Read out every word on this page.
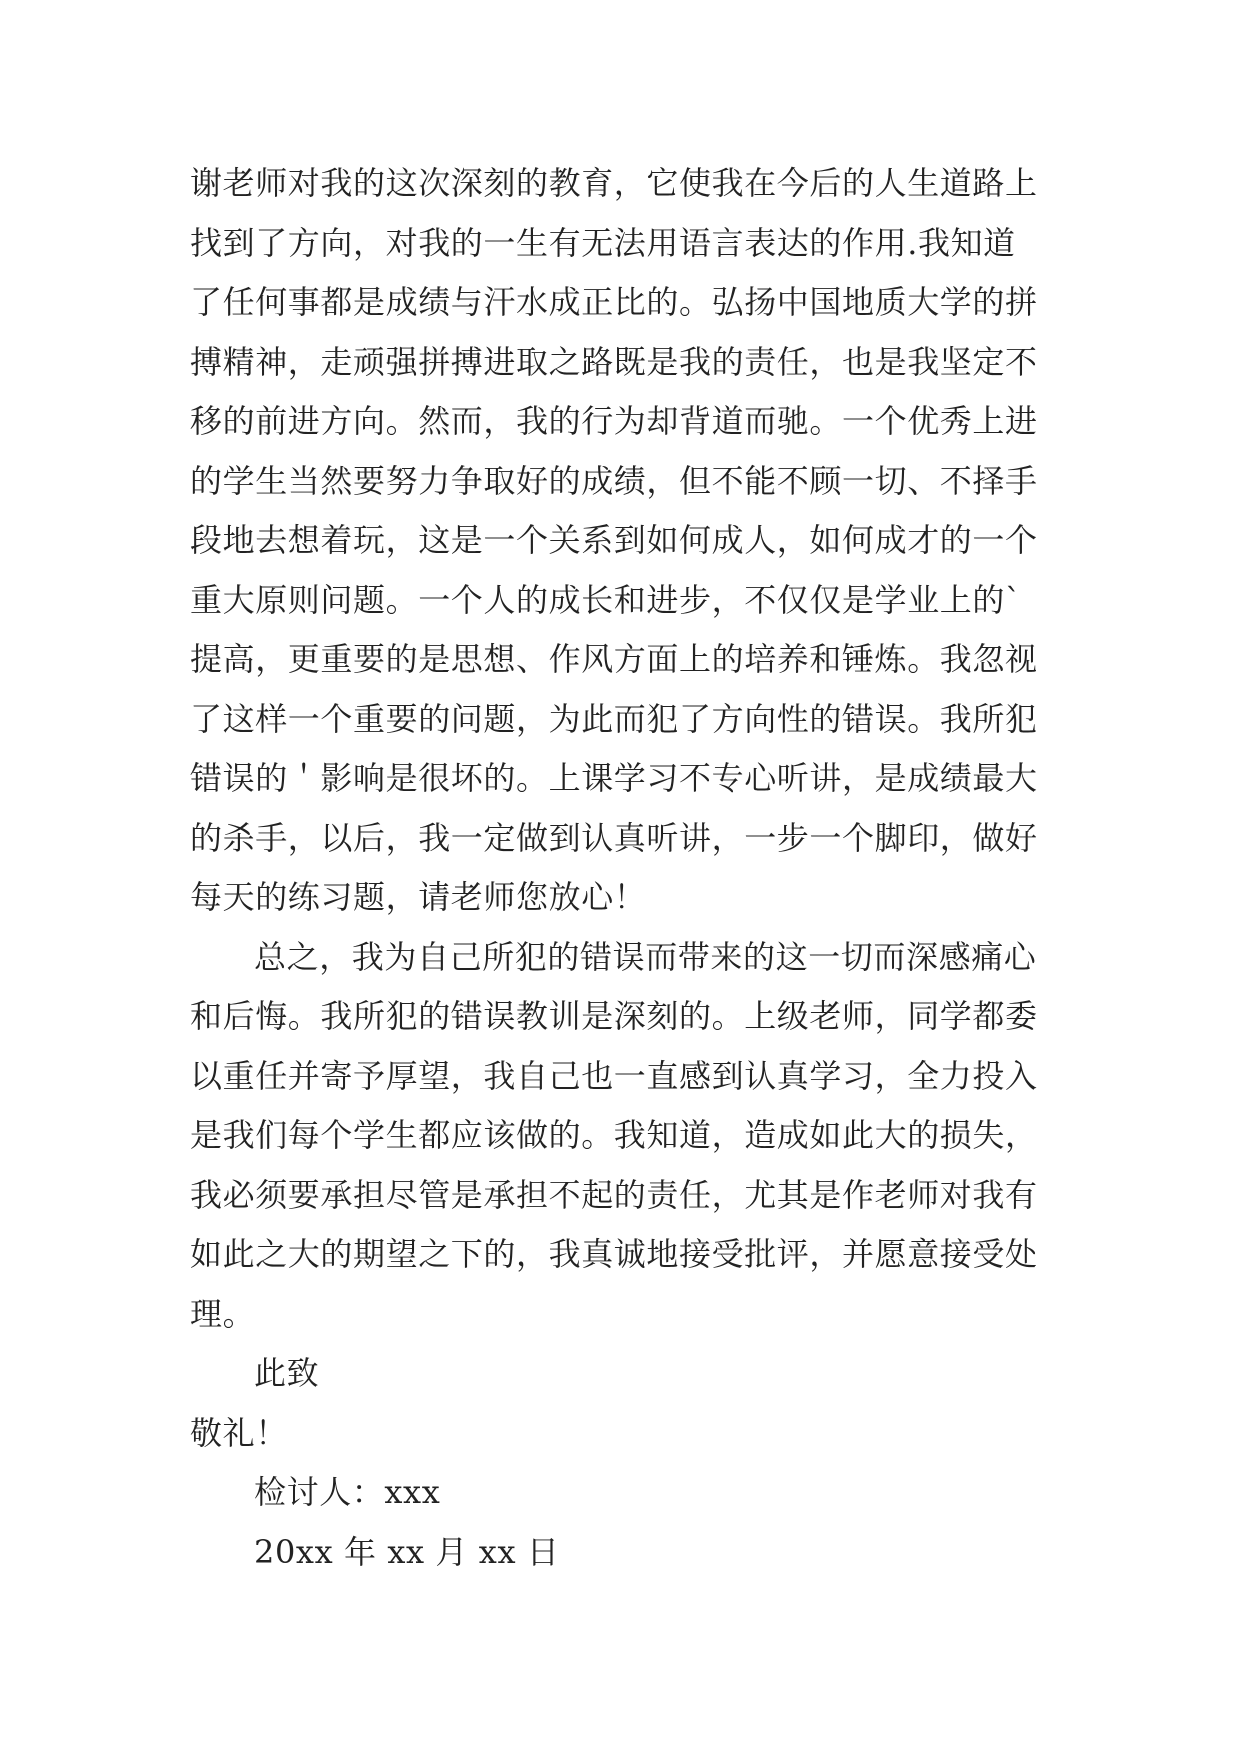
谢老师对我的这次深刻的教育，它使我在今后的人生道路上
找到了方向，对我的一生有无法用语言表达的作用.我知道
了任何事都是成绩与汗水成正比的。弘扬中国地质大学的拼
搏精神，走顽强拼搏进取之路既是我的责任，也是我坚定不
移的前进方向。然而，我的行为却背道而驰。一个优秀上进
的学生当然要努力争取好的成绩，但不能不顾一切、不择手
段地去想着玩，这是一个关系到如何成人，如何成才的一个
重大原则问题。一个人的成长和进步，不仅仅是学业上的`
提高，更重要的是思想、作风方面上的培养和锤炼。我忽视
了这样一个重要的问题，为此而犯了方向性的错误。我所犯
错误的＇影响是很坏的。上课学习不专心听讲，是成绩最大
的杀手，以后，我一定做到认真听讲，一步一个脚印，做好
每天的练习题，请老师您放心！
总之，我为自己所犯的错误而带来的这一切而深感痛心
和后悔。我所犯的错误教训是深刻的。上级老师，同学都委
以重任并寄予厚望，我自己也一直感到认真学习，全力投入
是我们每个学生都应该做的。我知道，造成如此大的损失，
我必须要承担尽管是承担不起的责任，尤其是作老师对我有
如此之大的期望之下的，我真诚地接受批评，并愿意接受处
理。
此致
敬礼！
检讨人：xxx
20xx 年 xx 月 xx 日
